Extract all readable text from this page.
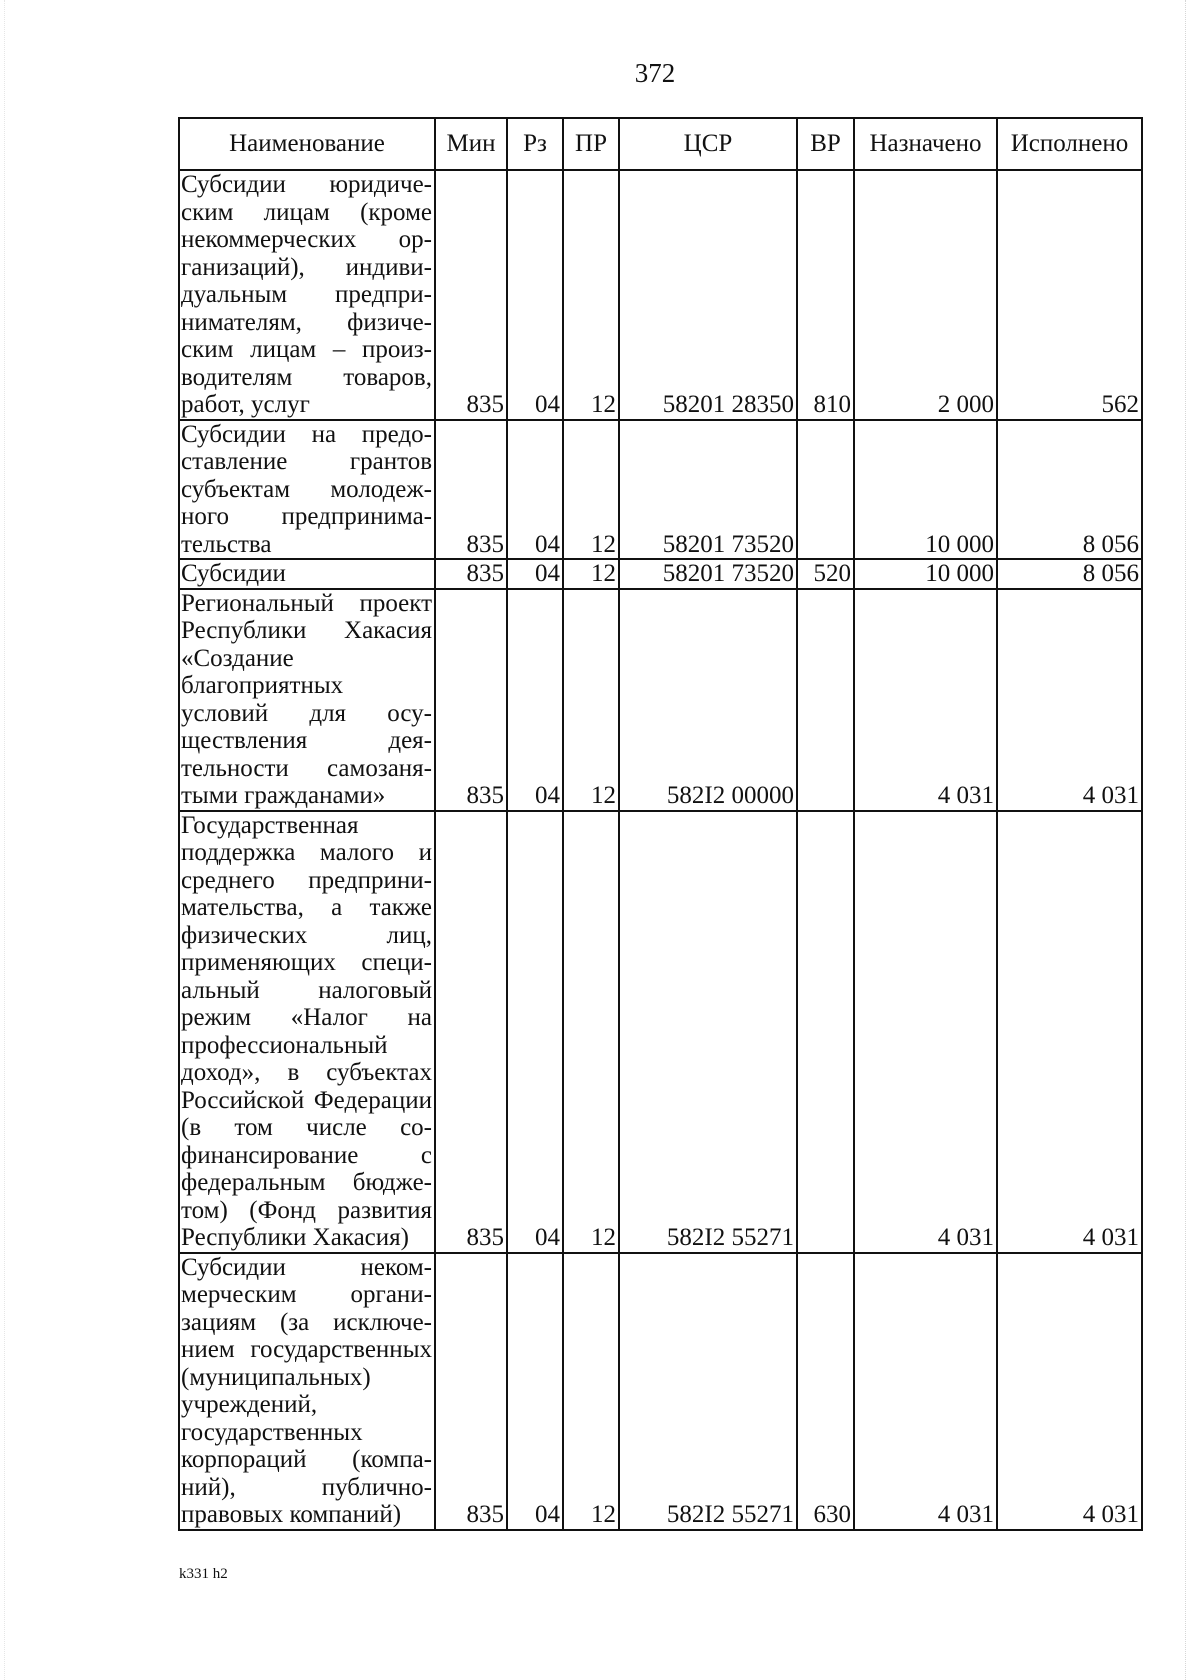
372
Наименование	Мин	Рз	ПР	ЦСР	ВР	Назначено	Исполнено
Субсидии юридическим лицам (кроме некоммерческих организаций), индивидуальным предпринимателям, физическим лицам – производителям товаров, работ, услуг	835	04	12	58201 28350	810	2 000	562
Субсидии на предоставление грантов субъектам молодежного предпринимательства	835	04	12	58201 73520		10 000	8 056
Субсидии	835	04	12	58201 73520	520	10 000	8 056
Региональный проект Республики Хакасия «Создание благоприятных условий для осуществления деятельности самозанятыми гражданами»	835	04	12	582I2 00000		4 031	4 031
Государственная поддержка малого и среднего предпринимательства, а также физических лиц, применяющих специальный налоговый режим «Налог на профессиональный доход», в субъектах Российской Федерации (в том числе софинансирование с федеральным бюджетом) (Фонд развития Республики Хакасия)	835	04	12	582I2 55271		4 031	4 031
Субсидии некоммерческим организациям (за исключением государственных (муниципальных) учреждений, государственных корпораций (компаний), публично-правовых компаний)	835	04	12	582I2 55271	630	4 031	4 031
k331 h2
